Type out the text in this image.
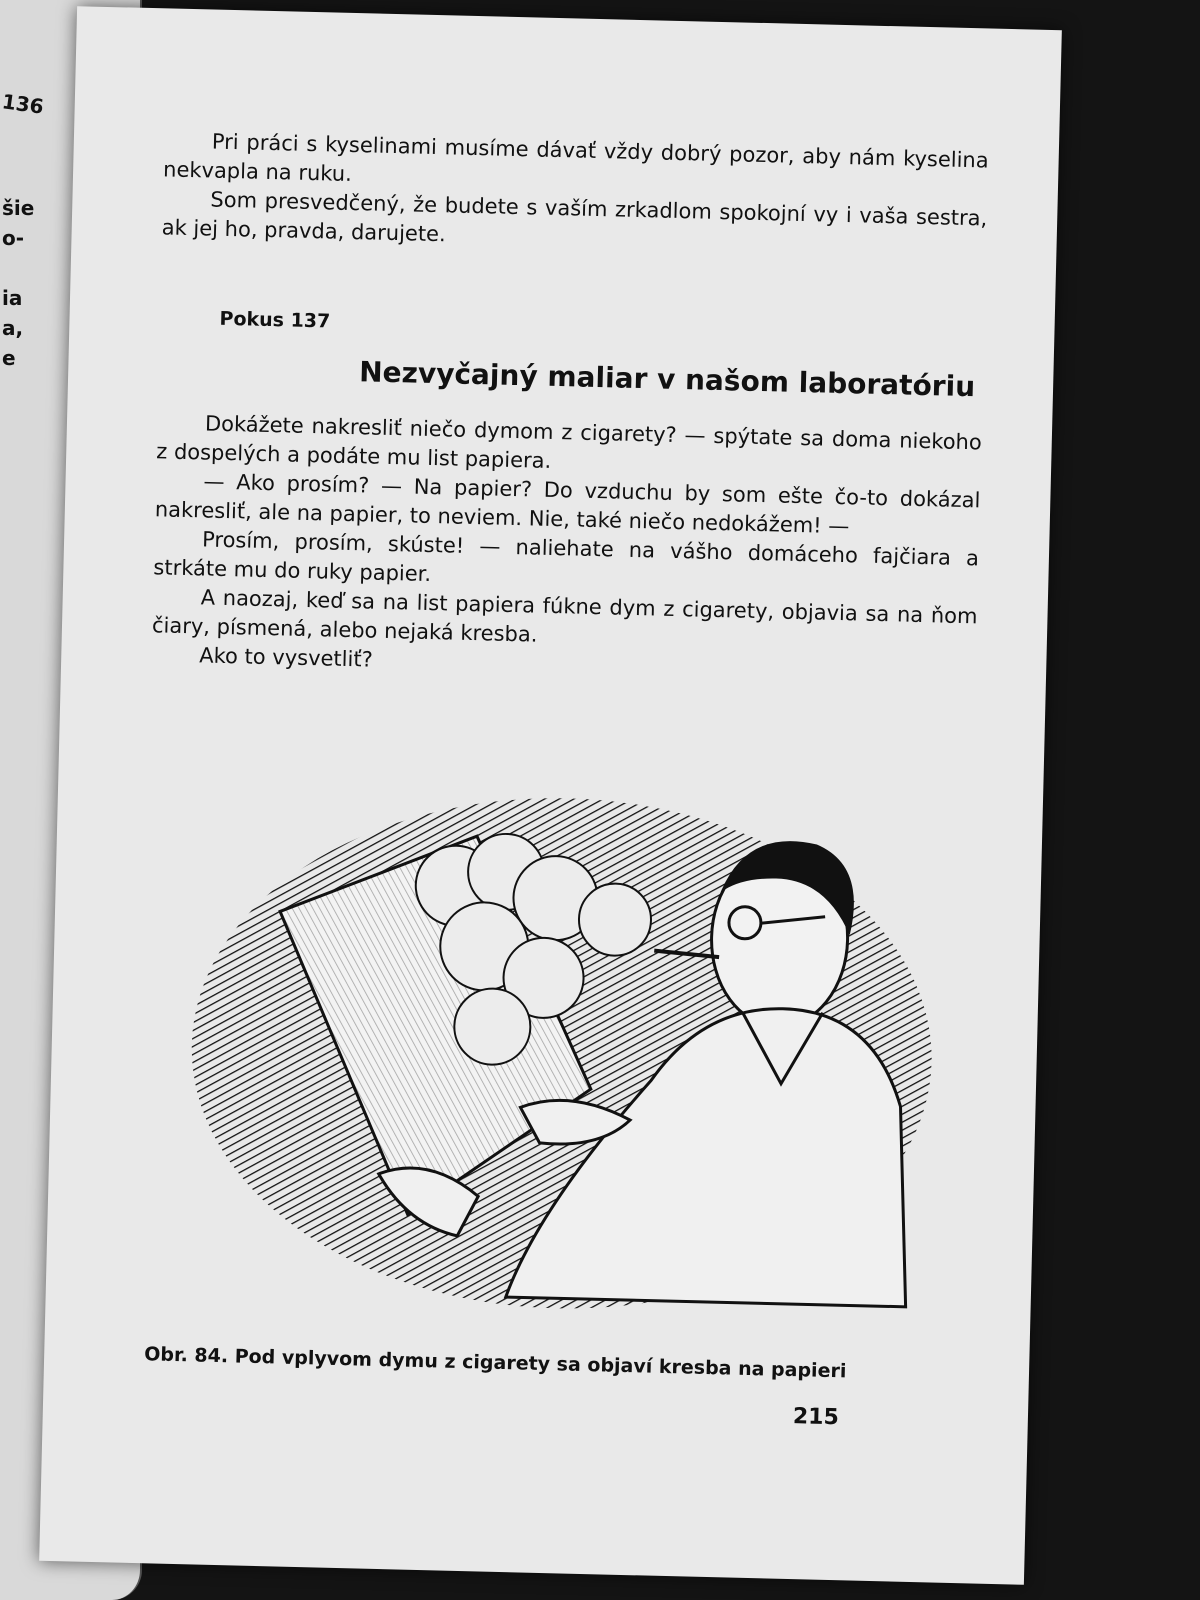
136
šie
o-
ia
a,
e

Pri práci s kyselinami musíme dávať vždy dobrý pozor, aby nám kyselina nekvapla na ruku.

Som presvedčený, že budete s vaším zrkadlom spokojní vy i vaša sestra, ak jej ho, pravda, darujete.

Pokus 137
Nezvyčajný maliar v našom laboratóriu

Dokážete nakresliť niečo dymom z cigarety? — spýtate sa doma niekoho z dospelých a podáte mu list papiera.

— Ako prosím? — Na papier? Do vzduchu by som ešte čo-to dokázal nakresliť, ale na papier, to neviem. Nie, také niečo nedokážem! —

Prosím, prosím, skúste! — naliehate na vášho domáceho fajčiara a strkáte mu do ruky papier.

A naozaj, keď sa na list papiera fúkne dym z cigarety, objavia sa na ňom čiary, písmená, alebo nejaká kresba.

Ako to vysvetliť?

Obr. 84. Pod vplyvom dymu z cigarety sa objaví kresba na papieri
215
